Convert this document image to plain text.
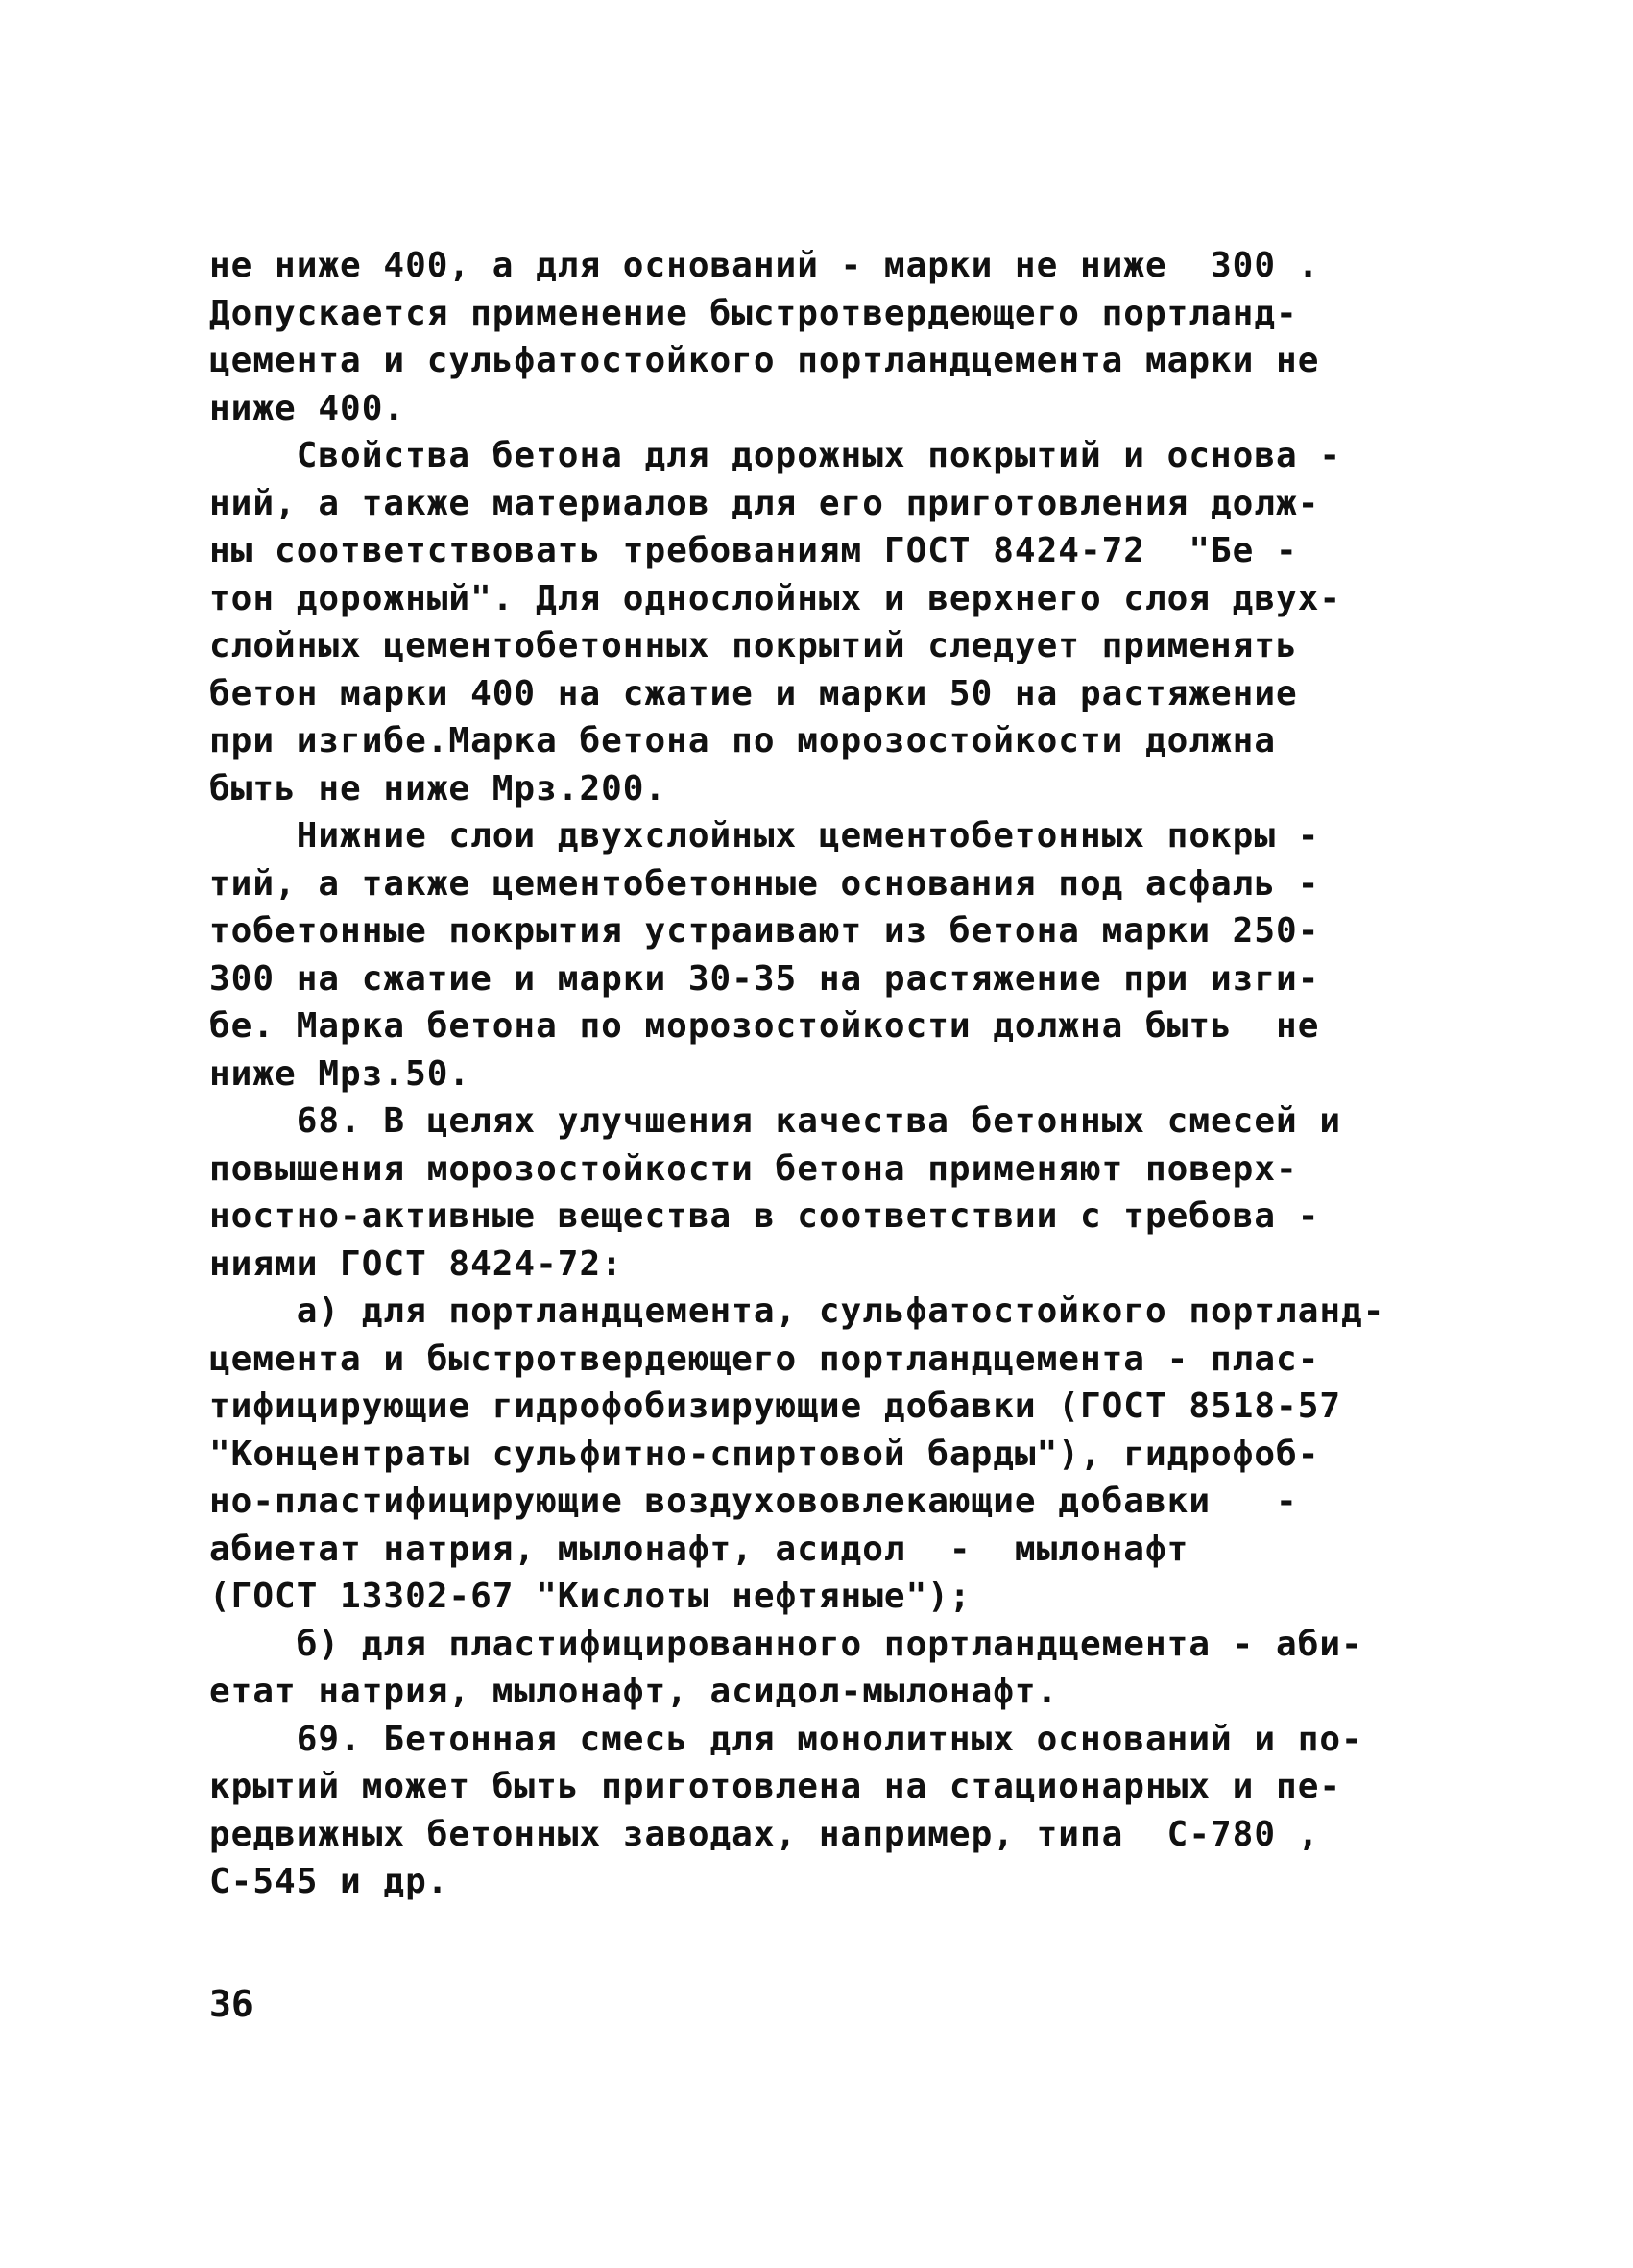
не ниже 400, а для оснований - марки не ниже  300 .
Допускается применение быстротвердеющего портланд-
цемента и сульфатостойкого портландцемента марки не
ниже 400.
Свойства бетона для дорожных покрытий и основа -
ний, а также материалов для его приготовления долж-
ны соответствовать требованиям ГОСТ 8424-72  "Бе -
тон дорожный". Для однослойных и верхнего слоя двух-
слойных цементобетонных покрытий следует применять
бетон марки 400 на сжатие и марки 50 на растяжение
при изгибе.Марка бетона по морозостойкости должна
быть не ниже Мрз.200.
Нижние слои двухслойных цементобетонных покры -
тий, а также цементобетонные основания под асфаль -
тобетонные покрытия устраивают из бетона марки 250-
300 на сжатие и марки 30-35 на растяжение при изги-
бе. Марка бетона по морозостойкости должна быть  не
ниже Мрз.50.
68. В целях улучшения качества бетонных смесей и
повышения морозостойкости бетона применяют поверх-
ностно-активные вещества в соответствии с требова -
ниями ГОСТ 8424-72:
а) для портландцемента, сульфатостойкого портланд-
цемента и быстротвердеющего портландцемента - плас-
тифицирующие гидрофобизирующие добавки (ГОСТ 8518-57
"Концентраты сульфитно-спиртовой барды"), гидрофоб-
но-пластифицирующие воздухововлекающие добавки   -
абиетат натрия, мылонафт, асидол  -  мылонафт
(ГОСТ 13302-67 "Кислоты нефтяные");
б) для пластифицированного портландцемента - аби-
етат натрия, мылонафт, асидол-мылонафт.
69. Бетонная смесь для монолитных оснований и по-
крытий может быть приготовлена на стационарных и пе-
редвижных бетонных заводах, например, типа  С-780 ,
С-545 и др.
36
